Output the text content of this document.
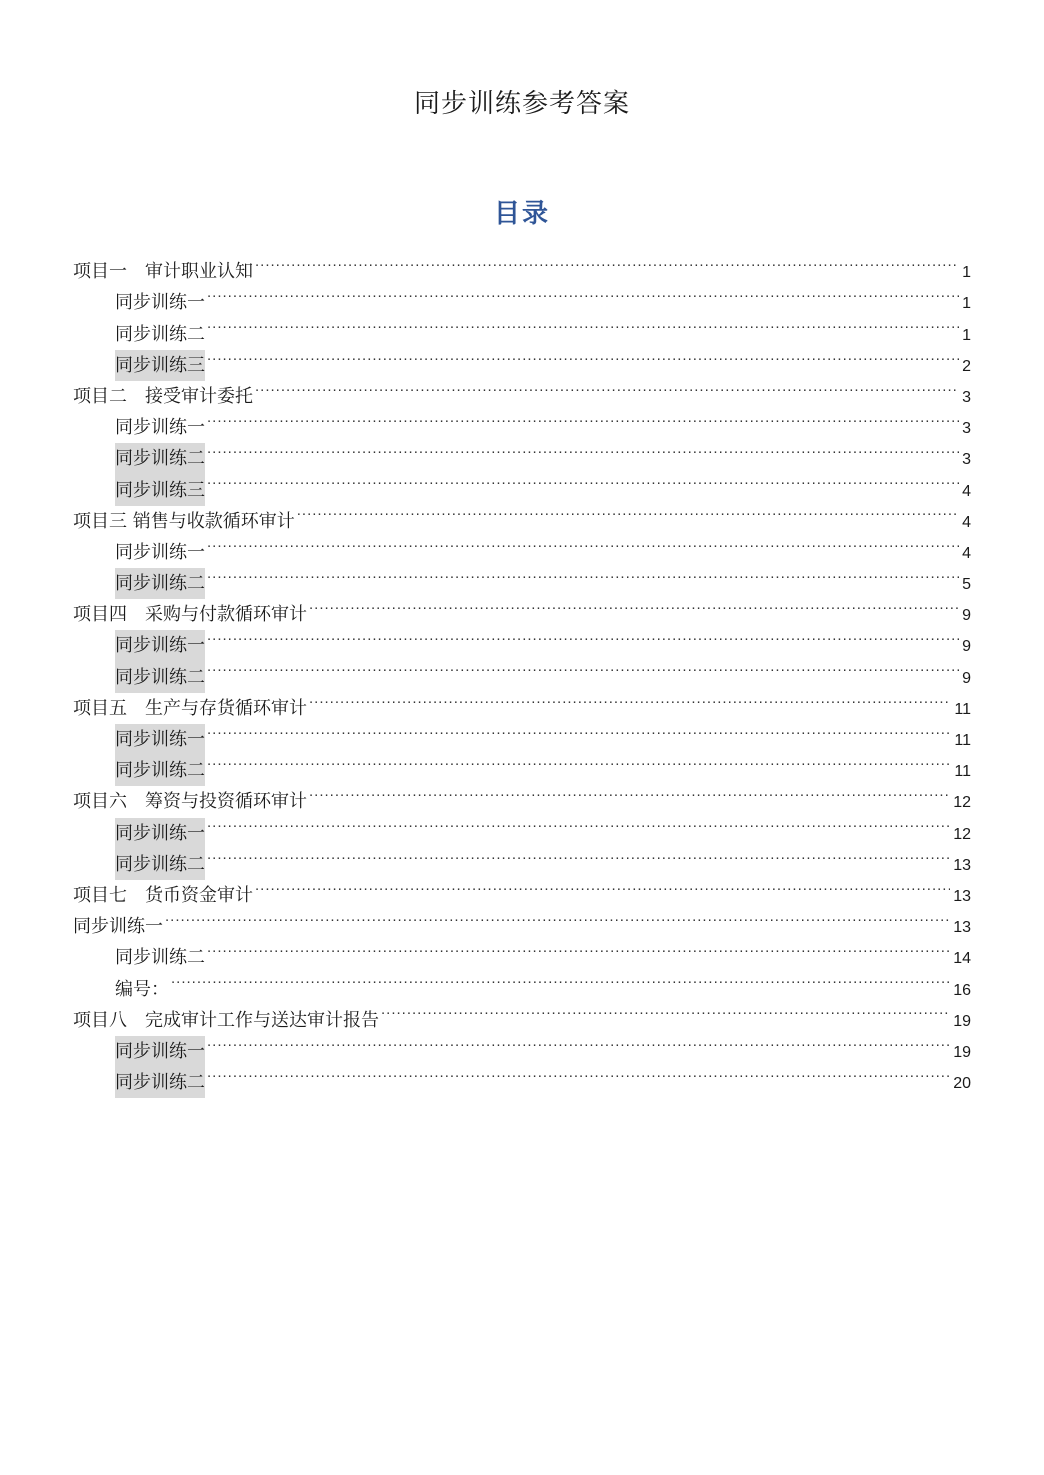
同步训练参考答案
目录
项目一　审计职业认知 .....	1
同步训练一 .....	1
同步训练二 .....	1
同步训练三 .....	2
项目二　接受审计委托 .....	3
同步训练一 .....	3
同步训练二 .....	3
同步训练三 .....	4
项目三 销售与收款循环审计 .....	4
同步训练一 .....	4
同步训练二 .....	5
项目四　采购与付款循环审计 .....	9
同步训练一 .....	9
同步训练二 .....	9
项目五　生产与存货循环审计 .....	11
同步训练一 .....	11
同步训练二 .....	11
项目六　筹资与投资循环审计 .....	12
同步训练一 .....	12
同步训练二 .....	13
项目七　货币资金审计 .....	13
同步训练一 .....	13
同步训练二 .....	14
编号： .....	16
项目八　完成审计工作与送达审计报告 .....	19
同步训练一 .....	19
同步训练二 .....	20
